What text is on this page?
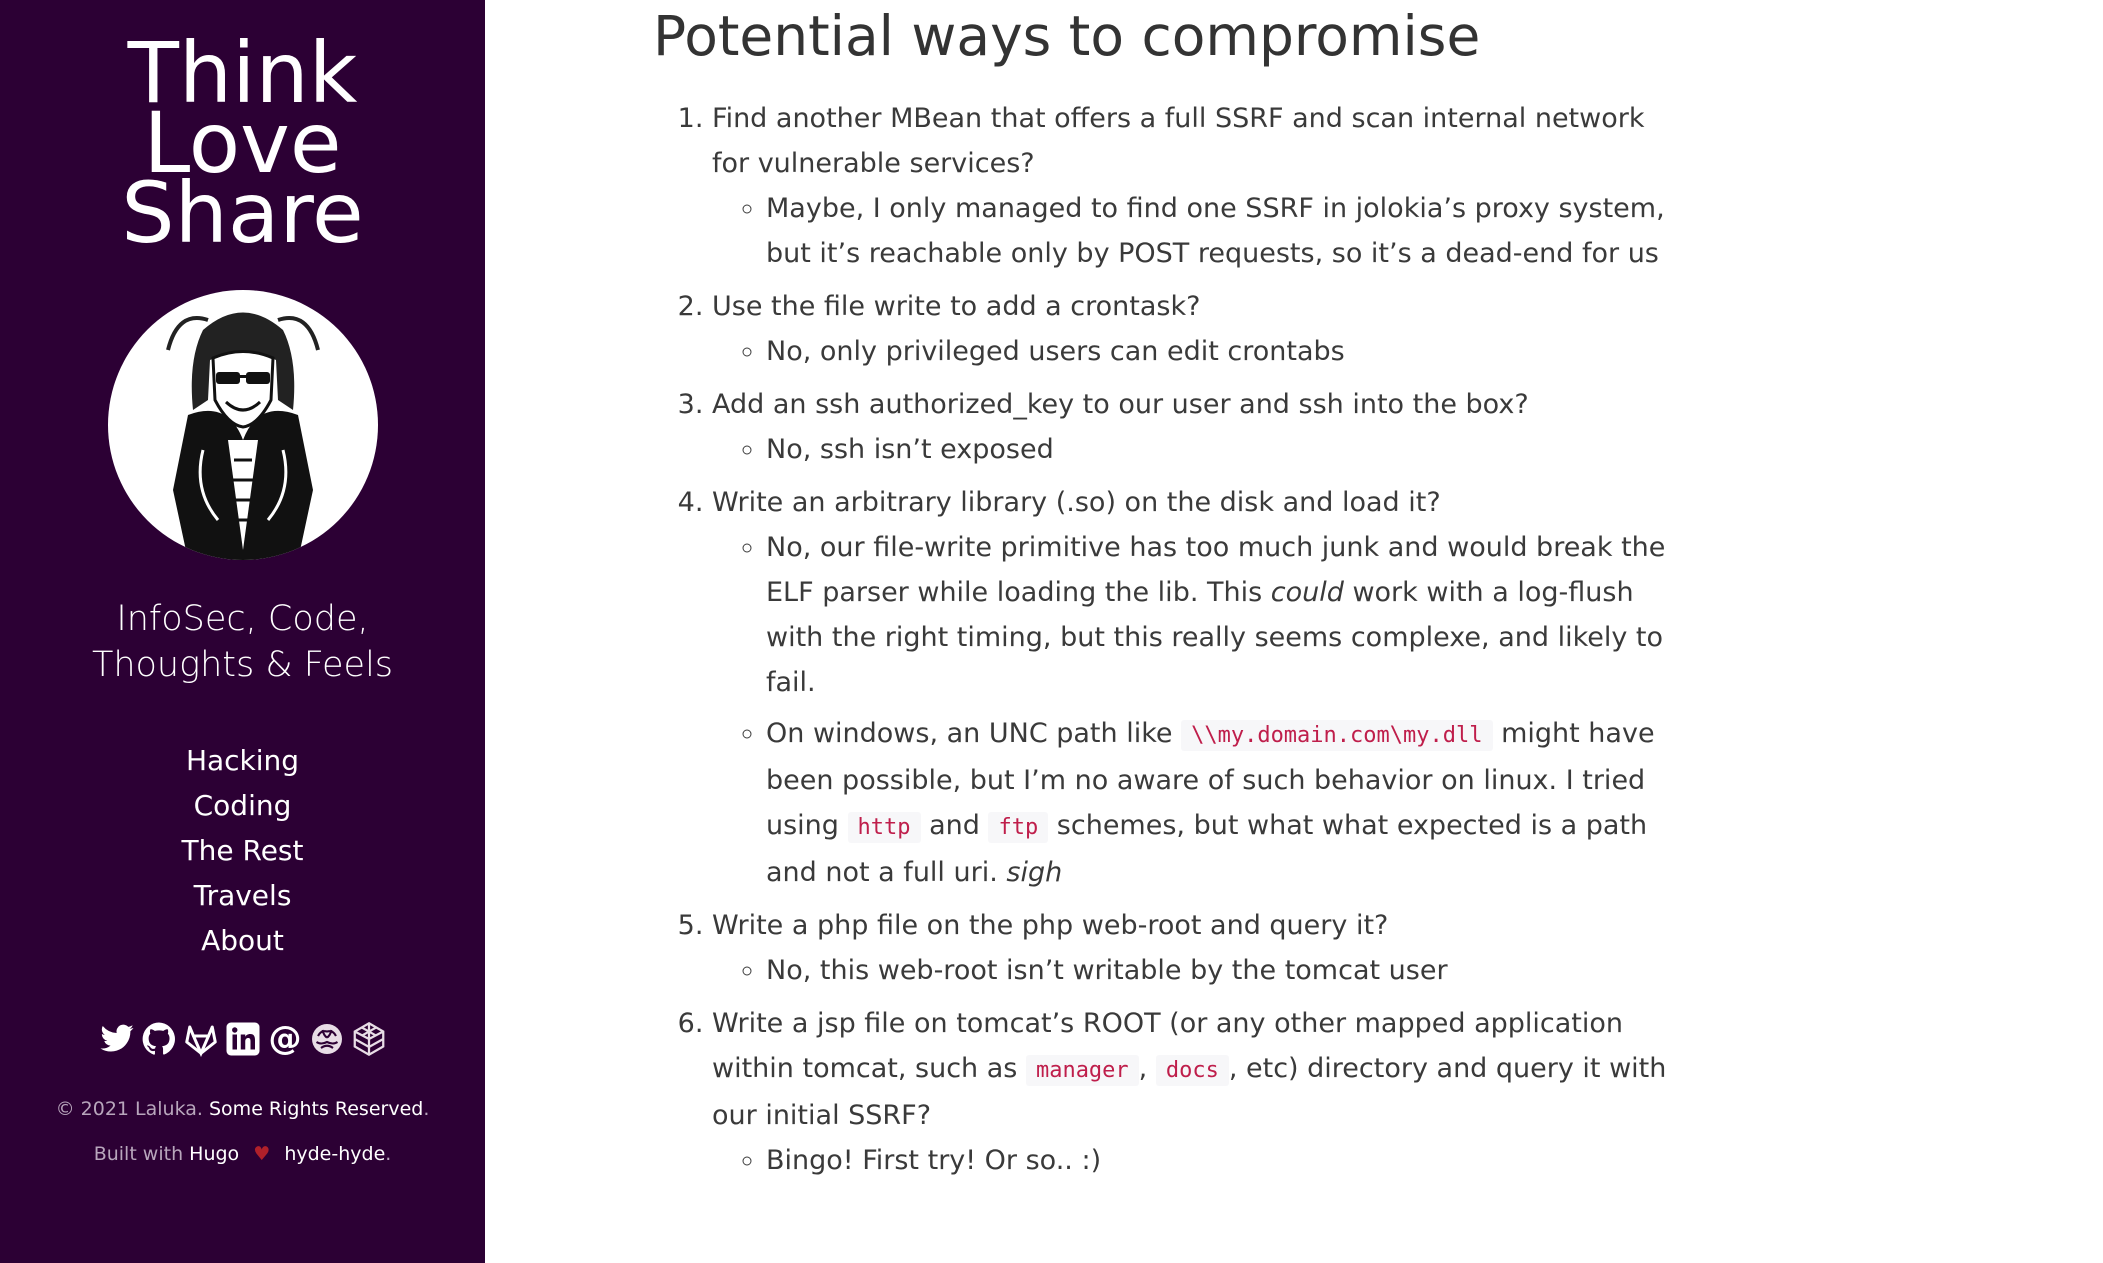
Think
Love
Share
InfoSec, Code,
Thoughts & Feels
Hacking
Coding
The Rest
Travels
About
@
© 2021 Laluka. Some Rights Reserved.
Built with Hugo ♥ hyde-hyde.
Potential ways to compromise
1. Find another MBean that offers a full SSRF and scan internal network for vulnerable services?
◦ Maybe, I only managed to find one SSRF in jolokia’s proxy system, but it’s reachable only by POST requests, so it’s a dead-end for us
2. Use the file write to add a crontask?
◦ No, only privileged users can edit crontabs
3. Add an ssh authorized_key to our user and ssh into the box?
◦ No, ssh isn’t exposed
4. Write an arbitrary library (.so) on the disk and load it?
◦ No, our file-write primitive has too much junk and would break the ELF parser while loading the lib. This could work with a log-flush with the right timing, but this really seems complexe, and likely to fail.
◦ On windows, an UNC path like \\my.domain.com\my.dll might have been possible, but I’m no aware of such behavior on linux. I tried using http and ftp schemes, but what what expected is a path and not a full uri. sigh
5. Write a php file on the php web-root and query it?
◦ No, this web-root isn’t writable by the tomcat user
6. Write a jsp file on tomcat’s ROOT (or any other mapped application within tomcat, such as manager , docs , etc) directory and query it with our initial SSRF?
◦ Bingo! First try! Or so.. :)
